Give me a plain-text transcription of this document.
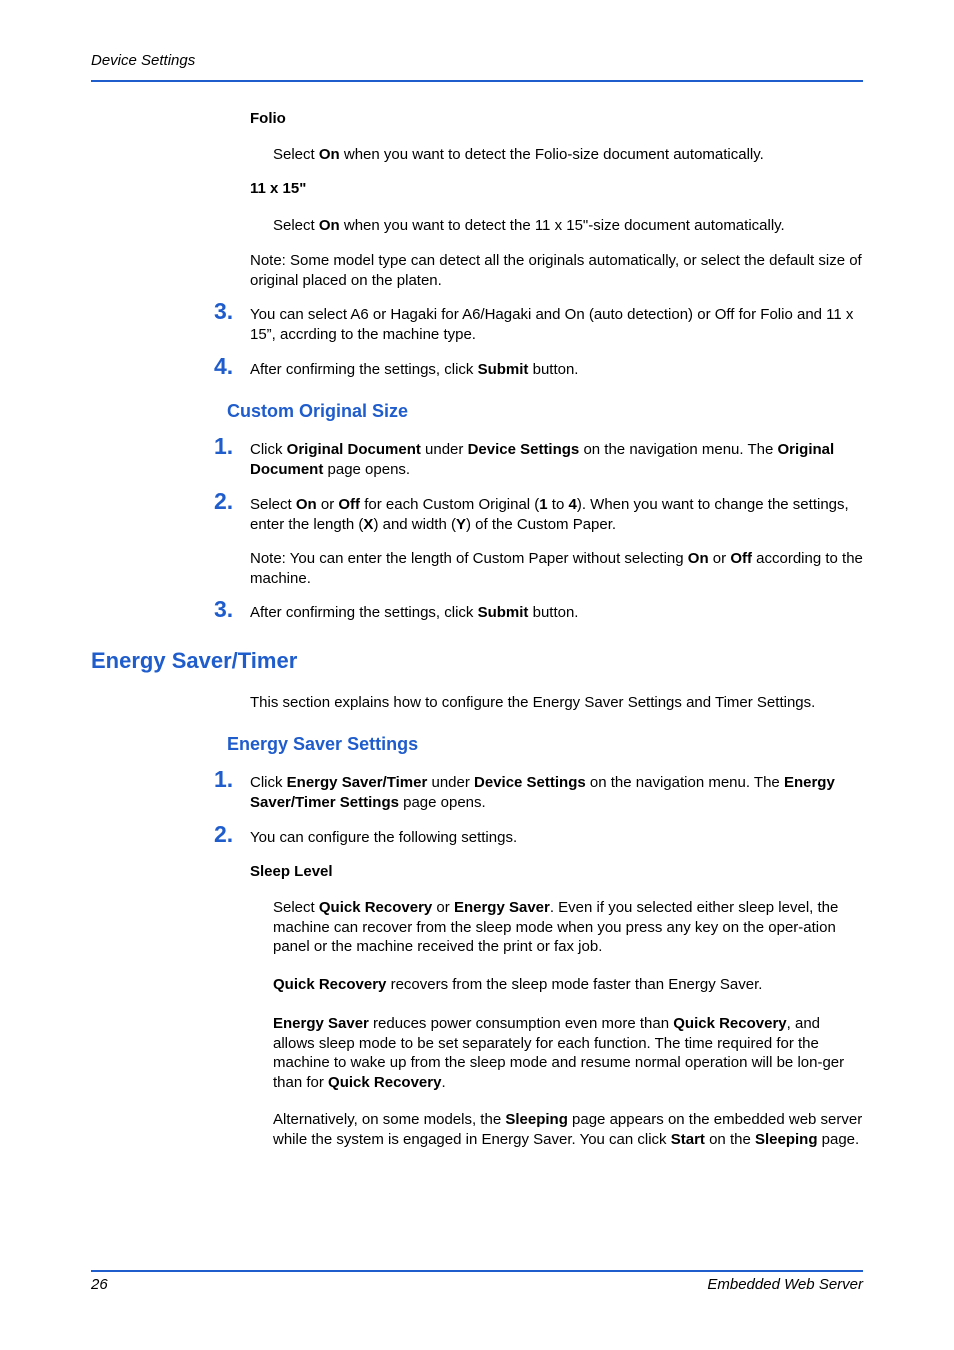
Device Settings
Folio
Select On when you want to detect the Folio-size document automatically.
11 x 15"
Select On when you want to detect the 11 x 15"-size document automatically.
Note: Some model type can detect all the originals automatically, or select the default size of original placed on the platen.
3. You can select A6 or Hagaki for A6/Hagaki and On (auto detection) or Off for Folio and 11 x 15”, accrding to the machine type.
4. After confirming the settings, click Submit button.
Custom Original Size
1. Click Original Document under Device Settings on the navigation menu. The Original Document page opens.
2. Select On or Off for each Custom Original (1 to 4). When you want to change the settings, enter the length (X) and width (Y) of the Custom Paper.
Note: You can enter the length of Custom Paper without selecting On or Off according to the machine.
3. After confirming the settings, click Submit button.
Energy Saver/Timer
This section explains how to configure the Energy Saver Settings and Timer Settings.
Energy Saver Settings
1. Click Energy Saver/Timer under Device Settings on the navigation menu. The Energy Saver/Timer Settings page opens.
2. You can configure the following settings.
Sleep Level
Select Quick Recovery or Energy Saver. Even if you selected either sleep level, the machine can recover from the sleep mode when you press any key on the oper-ation panel or the machine received the print or fax job.
Quick Recovery recovers from the sleep mode faster than Energy Saver.
Energy Saver reduces power consumption even more than Quick Recovery, and allows sleep mode to be set separately for each function. The time required for the machine to wake up from the sleep mode and resume normal operation will be lon-ger than for Quick Recovery.
Alternatively, on some models, the Sleeping page appears on the embedded web server while the system is engaged in Energy Saver. You can click Start on the Sleeping page.
26	Embedded Web Server
